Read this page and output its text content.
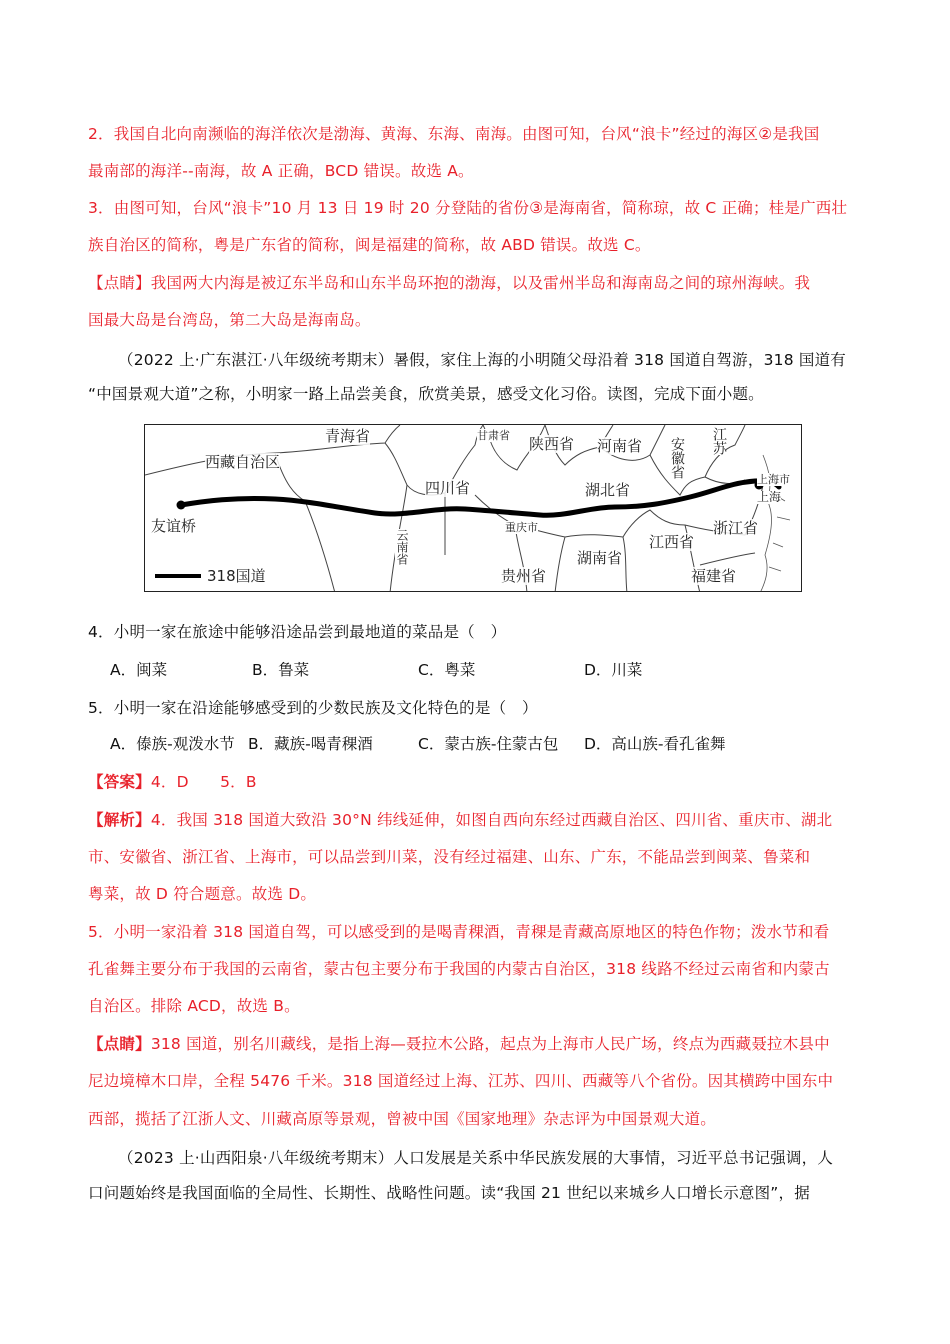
2．我国自北向南濒临的海洋依次是渤海、黄海、东海、南海。由图可知，台风“浪卡”经过的海区②是我国
最南部的海洋--南海，故 A 正确，BCD 错误。故选 A。
3．由图可知，台风“浪卡”10 月 13 日 19 时 20 分登陆的省份③是海南省，简称琼，故 C 正确；桂是广西壮
族自治区的简称，粤是广东省的简称，闽是福建的简称，故 ABD 错误。故选 C。
【点睛】我国两大内海是被辽东半岛和山东半岛环抱的渤海，以及雷州半岛和海南岛之间的琼州海峡。我
国最大岛是台湾岛，第二大岛是海南岛。
（2022 上·广东湛江·八年级统考期末）暑假，家住上海的小明随父母沿着 318 国道自驾游，318 国道有
“中国景观大道”之称，小明家一路上品尝美食，欣赏美景，感受文化习俗。读图，完成下面小题。
青海省	甘肃省 陕西省 河南省 安徽省 江苏
上海市
上海
西藏自治区
四川省	湖北省
友谊桥	重庆市	浙江省
云南省	江西省
湖南省
贵州省	福建省
318国道
4．小明一家在旅途中能够沿途品尝到最地道的菜品是（　）
A．闽菜	B．鲁菜	C．粤菜	D．川菜
5．小明一家在沿途能够感受到的少数民族及文化特色的是（　）
A．傣族-观泼水节 B．藏族-喝青稞酒	C．蒙古族-住蒙古包 D．高山族-看孔雀舞
【答案】4．D　　5．B
【解析】4．我国 318 国道大致沿 30°N 纬线延伸，如图自西向东经过西藏自治区、四川省、重庆市、湖北
市、安徽省、浙江省、上海市，可以品尝到川菜，没有经过福建、山东、广东，不能品尝到闽菜、鲁菜和
粤菜，故 D 符合题意。故选 D。
5．小明一家沿着 318 国道自驾，可以感受到的是喝青稞酒，青稞是青藏高原地区的特色作物；泼水节和看
孔雀舞主要分布于我国的云南省，蒙古包主要分布于我国的内蒙古自治区，318 线路不经过云南省和内蒙古
自治区。排除 ACD，故选 B。
【点睛】318 国道，别名川藏线，是指上海—聂拉木公路，起点为上海市人民广场，终点为西藏聂拉木县中
尼边境樟木口岸，全程 5476 千米。318 国道经过上海、江苏、四川、西藏等八个省份。因其横跨中国东中
西部，揽括了江浙人文、川藏高原等景观，曾被中国《国家地理》杂志评为中国景观大道。
（2023 上·山西阳泉·八年级统考期末）人口发展是关系中华民族发展的大事情，习近平总书记强调，人
口问题始终是我国面临的全局性、长期性、战略性问题。读“我国 21 世纪以来城乡人口增长示意图”，据
